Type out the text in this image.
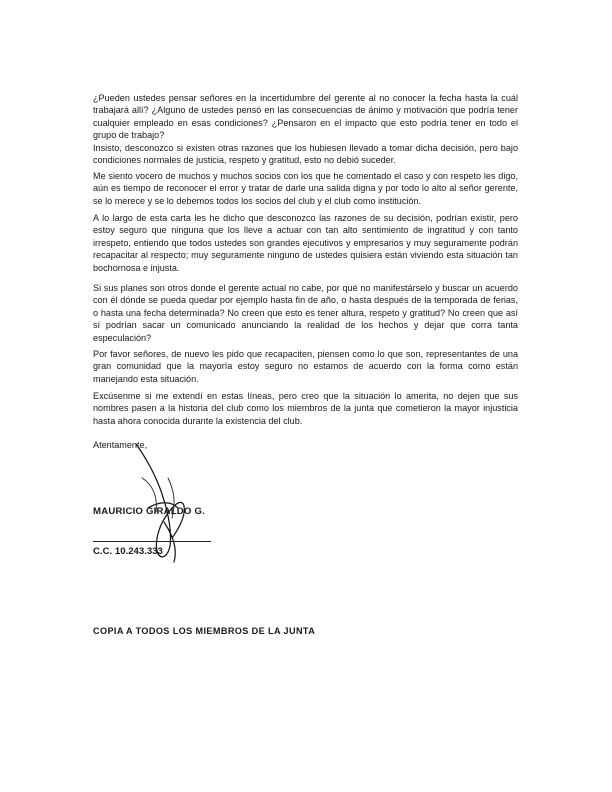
¿Pueden ustedes pensar señores en la incertidumbre del gerente al no conocer la fecha hasta la cuál trabajará allí? ¿Alguno de ustedes pensó en las consecuencias de ánimo y motivación que podría tener cualquier empleado en esas condiciones? ¿Pensaron en el impacto que esto podría tener en todo el grupo de trabajo?

Insisto, desconozco si existen otras razones que los hubiesen llevado a tomar dicha decisión, pero bajo condiciones normales de justicia, respeto y gratitud, esto no debió suceder.

Me siento vocero de muchos y muchos socios con los que he comentado el caso y con respeto les digo, aún es tiempo de reconocer el error y tratar de darle una salida digna y por todo lo alto al señor gerente, se lo merece y se lo debemos todos los socios del club y el club como institución.

A lo largo de esta carta les he dicho que desconozco las razones de su decisión, podrían existir, pero estoy seguro que ninguna que los lleve a actuar con tan alto sentimiento de ingratitud y con tanto irrespeto, entiendo que todos ustedes son grandes ejecutivos y empresarios y muy seguramente podrán recapacitar al respecto; muy seguramente ninguno de ustedes quisiera están viviendo esta situación tan bochornosa e injusta.

Si sus planes son otros donde el gerente actual no cabe, por qué no manifestárselo y buscar un acuerdo con él dónde se pueda quedar por ejemplo hasta fin de año, o hasta después de la temporada de ferias, o hasta una fecha determinada? No creen que esto es tener altura, respeto y gratitud? No creen que así sí podrían sacar un comunicado anunciando la realidad de los hechos y dejar que corra tanta especulación?

Por favor señores, de nuevo les pido que recapaciten, piensen como lo que son, representantes de una gran comunidad que la mayoría estoy seguro no estamos de acuerdo con la forma como están manejando esta situación.

Excúsenme si me extendí en estas líneas, pero creo que la situación lo amerita, no dejen que sus nombres pasen a la historia del club como los miembros de la junta que cometieron la mayor injusticia hasta ahora conocida durante la existencia del club.

Atentamente,
MAURICIO GIRALDO G.
C.C. 10.243.333
COPIA A TODOS LOS MIEMBROS DE LA JUNTA
